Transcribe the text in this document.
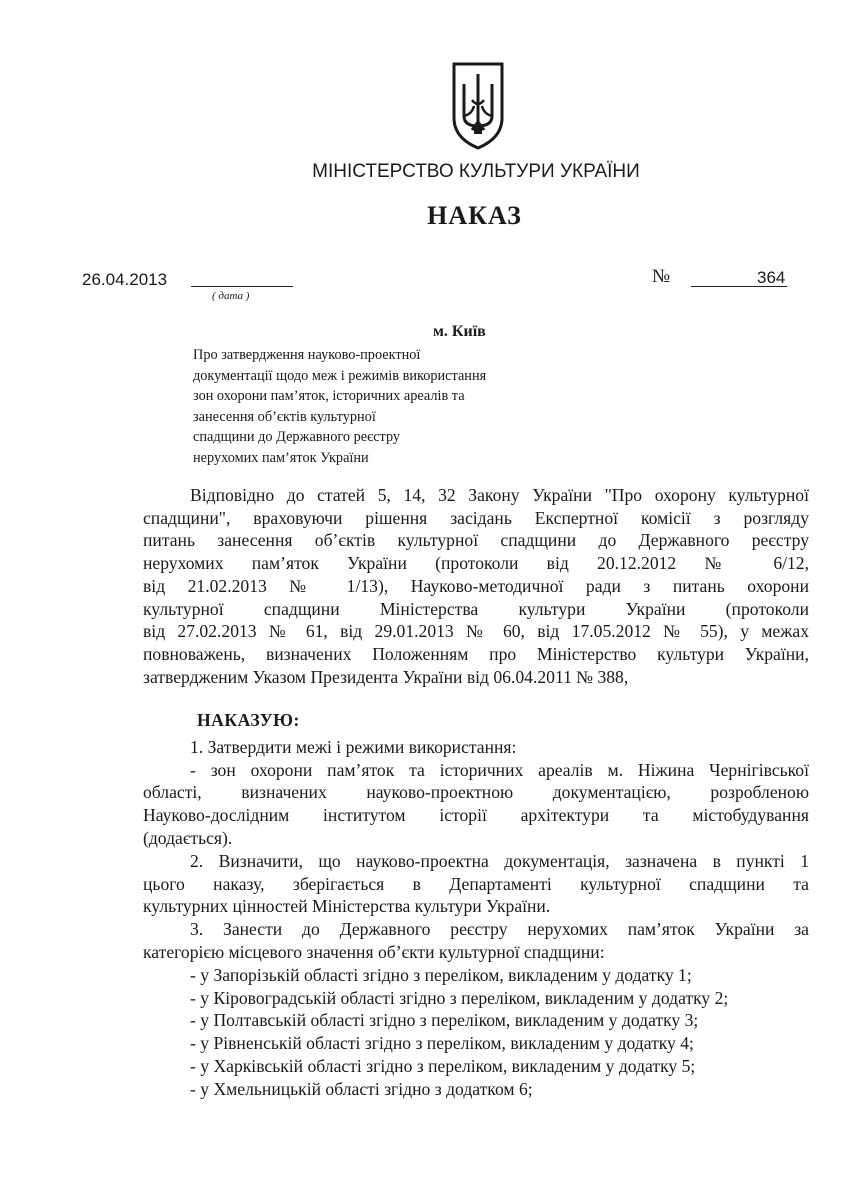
МІНІСТЕРСТВО КУЛЬТУРИ УКРАЇНИ
НАКАЗ
26.04.2013
( дата )
№	364
м. Київ
Про затвердження науково-проектної
документації щодо меж і режимів використання
зон охорони пам’яток, історичних ареалів та
занесення об’єктів культурної
спадщини до Державного реєстру
нерухомих пам’яток України
Відповідно до статей 5, 14, 32 Закону України "Про охорону культурної
спадщини", враховуючи рішення засідань Експертної комісії з розгляду
питань занесення об’єктів культурної спадщини до Державного реєстру
нерухомих пам’яток України (протоколи від 20.12.2012 № 6/12,
від 21.02.2013 № 1/13), Науково-методичної ради з питань охорони
культурної спадщини Міністерства культури України (протоколи
від 27.02.2013 № 61, від 29.01.2013 № 60, від 17.05.2012 № 55), у межах
повноважень, визначених Положенням про Міністерство культури України,
затвердженим Указом Президента України від 06.04.2011 № 388,
НАКАЗУЮ:
1. Затвердити межі і режими використання:
- зон охорони пам’яток та історичних ареалів м. Ніжина Чернігівської
області, визначених науково-проектною документацією, розробленою
Науково-дослідним інститутом історії архітектури та містобудування
(додається).
2. Визначити, що науково-проектна документація, зазначена в пункті 1
цього наказу, зберігається в Департаменті культурної спадщини та
культурних цінностей Міністерства культури України.
3. Занести до Державного реєстру нерухомих пам’яток України за
категорією місцевого значення об’єкти культурної спадщини:
- у Запорізькій області згідно з переліком, викладеним у додатку 1;
- у Кіровоградській області згідно з переліком, викладеним у додатку 2;
- у Полтавській області згідно з переліком, викладеним у додатку 3;
- у Рівненській області згідно з переліком, викладеним у додатку 4;
- у Харківській області згідно з переліком, викладеним у додатку 5;
- у Хмельницькій області згідно з додатком 6;
